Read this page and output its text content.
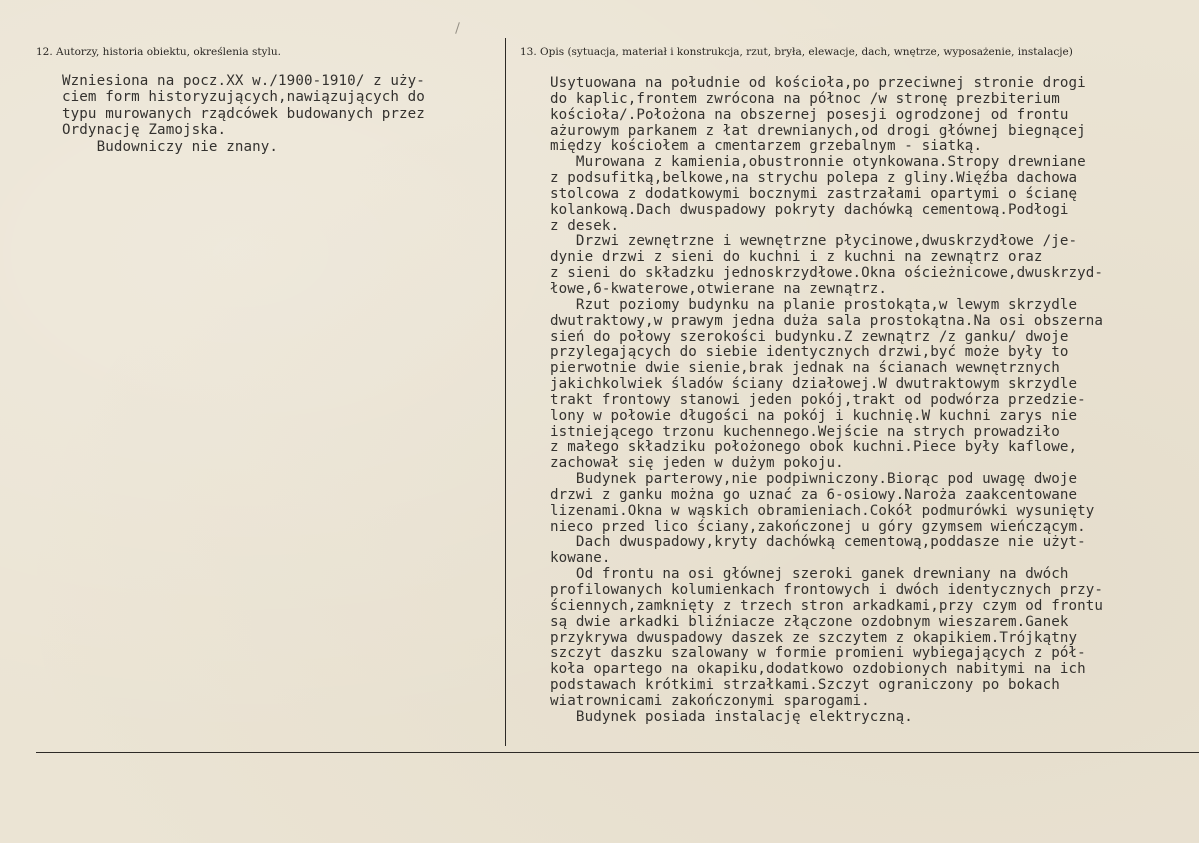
12. Autorzy, historia obiektu, określenia stylu.	13. Opis (sytuacja, materiał i konstrukcja, rzut, bryła, elewacje, dach, wnętrze, wyposażenie, instalacje)
Wzniesiona na pocz.XX w./1900-1910/ z uży-
ciem form historyzujących,nawiązujących do
typu murowanych rządcówek budowanych przez
Ordynację Zamojska.
Budowniczy nie znany.
Usytuowana na południe od kościoła,po przeciwnej stronie drogi
do kaplic,frontem zwrócona na północ /w stronę prezbiterium
kościoła/.Położona na obszernej posesji ogrodzonej od frontu
ażurowym parkanem z łat drewnianych,od drogi głównej biegnącej
między kościołem a cmentarzem grzebalnym - siatką.
Murowana z kamienia,obustronnie otynkowana.Stropy drewniane
z podsufitką,belkowe,na strychu polepa z gliny.Więźba dachowa
stolcowa z dodatkowymi bocznymi zastrzałami opartymi o ścianę
kolankową.Dach dwuspadowy pokryty dachówką cementową.Podłogi
z desek.
Drzwi zewnętrzne i wewnętrzne płycinowe,dwuskrzydłowe /je-
dynie drzwi z sieni do kuchni i z kuchni na zewnątrz oraz
z sieni do składzku jednoskrzydłowe.Okna ościeżnicowe,dwuskrzyd-
łowe,6-kwaterowe,otwierane na zewnątrz.
Rzut poziomy budynku na planie prostokąta,w lewym skrzydle
dwutraktowy,w prawym jedna duża sala prostokątna.Na osi obszerna
sień do połowy szerokości budynku.Z zewnątrz /z ganku/ dwoje
przylegających do siebie identycznych drzwi,być może były to
pierwotnie dwie sienie,brak jednak na ścianach wewnętrznych
jakichkolwiek śladów ściany działowej.W dwutraktowym skrzydle
trakt frontowy stanowi jeden pokój,trakt od podwórza przedzie-
lony w połowie długości na pokój i kuchnię.W kuchni zarys nie
istniejącego trzonu kuchennego.Wejście na strych prowadziło
z małego składziku położonego obok kuchni.Piece były kaflowe,
zachował się jeden w dużym pokoju.
Budynek parterowy,nie podpiwniczony.Biorąc pod uwagę dwoje
drzwi z ganku można go uznać za 6-osiowy.Naroża zaakcentowane
lizenami.Okna w wąskich obramieniach.Cokół podmurówki wysunięty
nieco przed lico ściany,zakończonej u góry gzymsem wieńczącym.
Dach dwuspadowy,kryty dachówką cementową,poddasze nie użyt-
kowane.
Od frontu na osi głównej szeroki ganek drewniany na dwóch
profilowanych kolumienkach frontowych i dwóch identycznych przy-
ściennych,zamknięty z trzech stron arkadkami,przy czym od frontu
są dwie arkadki bliźniacze złączone ozdobnym wieszarem.Ganek
przykrywa dwuspadowy daszek ze szczytem z okapikiem.Trójkątny
szczyt daszku szalowany w formie promieni wybiegających z pół-
koła opartego na okapiku,dodatkowo ozdobionych nabitymi na ich
podstawach krótkimi strzałkami.Szczyt ograniczony po bokach
wiatrownicami zakończonymi sparogami.
Budynek posiada instalację elektryczną.
